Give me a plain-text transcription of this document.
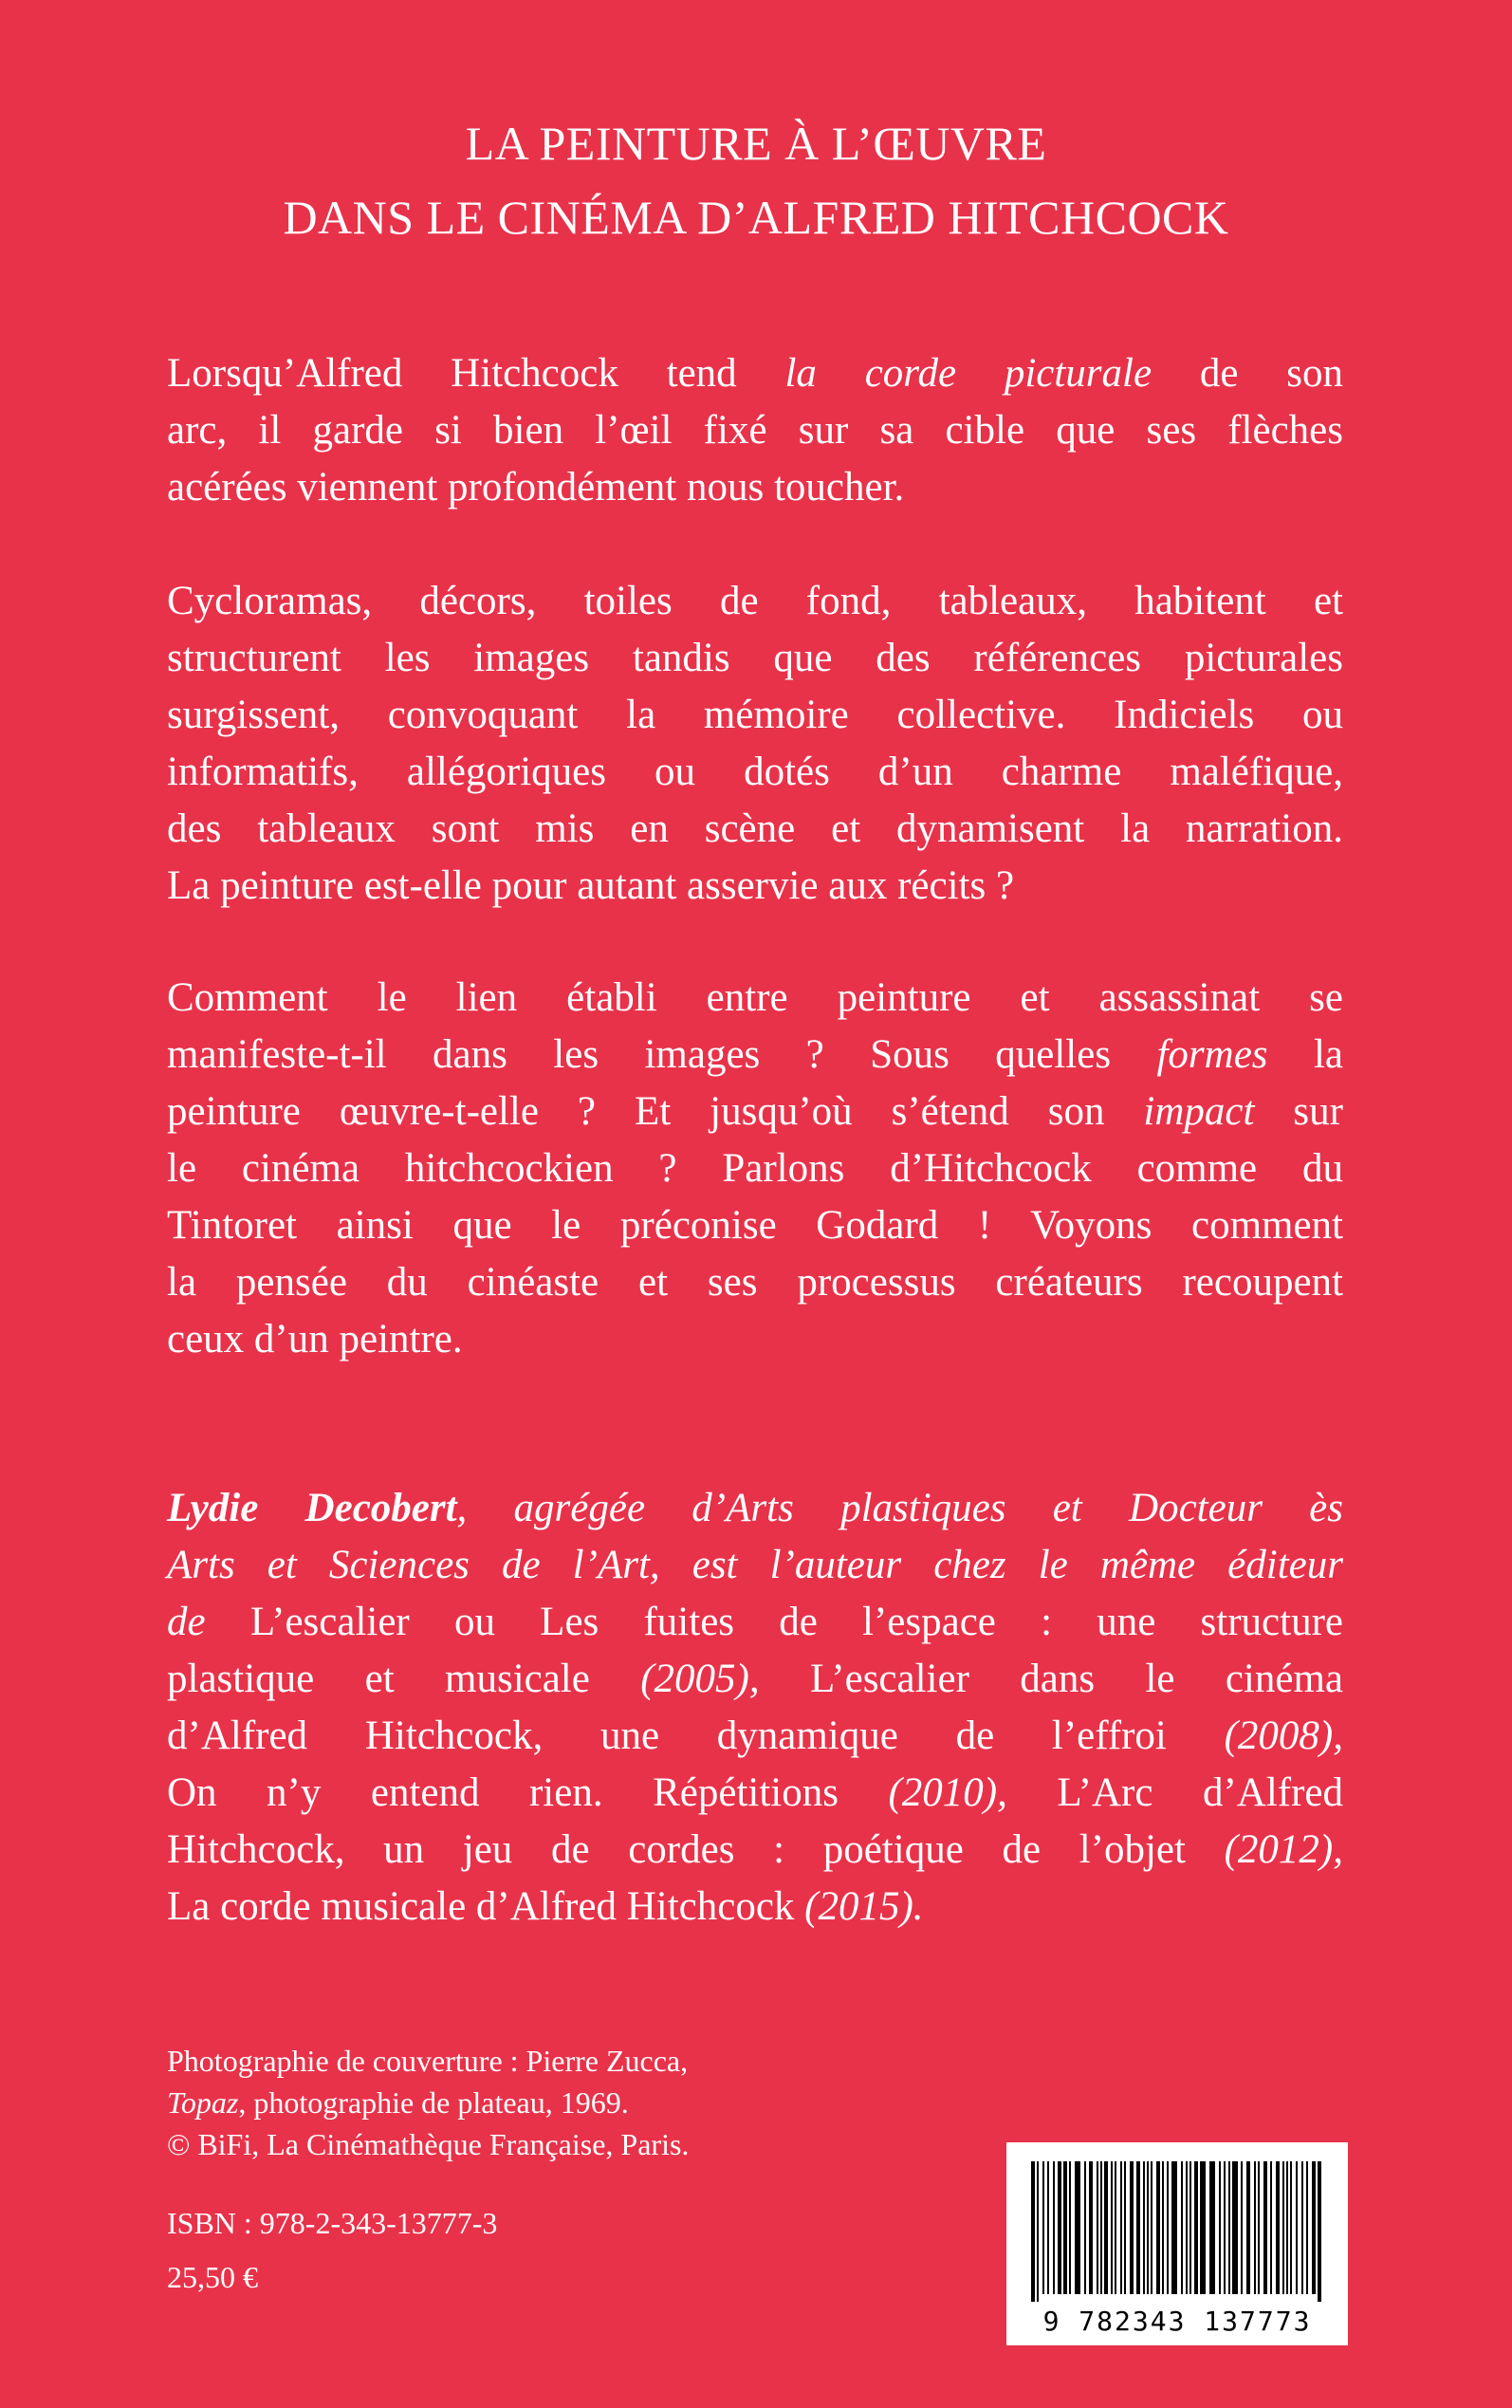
LA PEINTURE À L’ŒUVRE
DANS LE CINÉMA D’ALFRED HITCHCOCK
Lorsqu’Alfred Hitchcock tend la corde picturale de son
arc, il garde si bien l’œil fixé sur sa cible que ses flèches
acérées viennent profondément nous toucher.
Cycloramas, décors, toiles de fond, tableaux, habitent et
structurent les images tandis que des références picturales
surgissent, convoquant la mémoire collective. Indiciels ou
informatifs, allégoriques ou dotés d’un charme maléfique,
des tableaux sont mis en scène et dynamisent la narration.
La peinture est-elle pour autant asservie aux récits ?
Comment le lien établi entre peinture et assassinat se
manifeste-t-il dans les images ? Sous quelles formes la
peinture œuvre-t-elle ? Et jusqu’où s’étend son impact sur
le cinéma hitchcockien ? Parlons d’Hitchcock comme du
Tintoret ainsi que le préconise Godard ! Voyons comment
la pensée du cinéaste et ses processus créateurs recoupent
ceux d’un peintre.
Lydie Decobert, agrégée d’Arts plastiques et Docteur ès
Arts et Sciences de l’Art, est l’auteur chez le même éditeur
de L’escalier ou Les fuites de l’espace : une structure
plastique et musicale (2005), L’escalier dans le cinéma
d’Alfred Hitchcock, une dynamique de l’effroi (2008),
On n’y entend rien. Répétitions (2010), L’Arc d’Alfred
Hitchcock, un jeu de cordes : poétique de l’objet (2012),
La corde musicale d’Alfred Hitchcock (2015).
Photographie de couverture : Pierre Zucca,
Topaz, photographie de plateau, 1969.
© BiFi, La Cinémathèque Française, Paris.
ISBN : 978-2-343-13777-3
25,50 €
9 782343 137773
